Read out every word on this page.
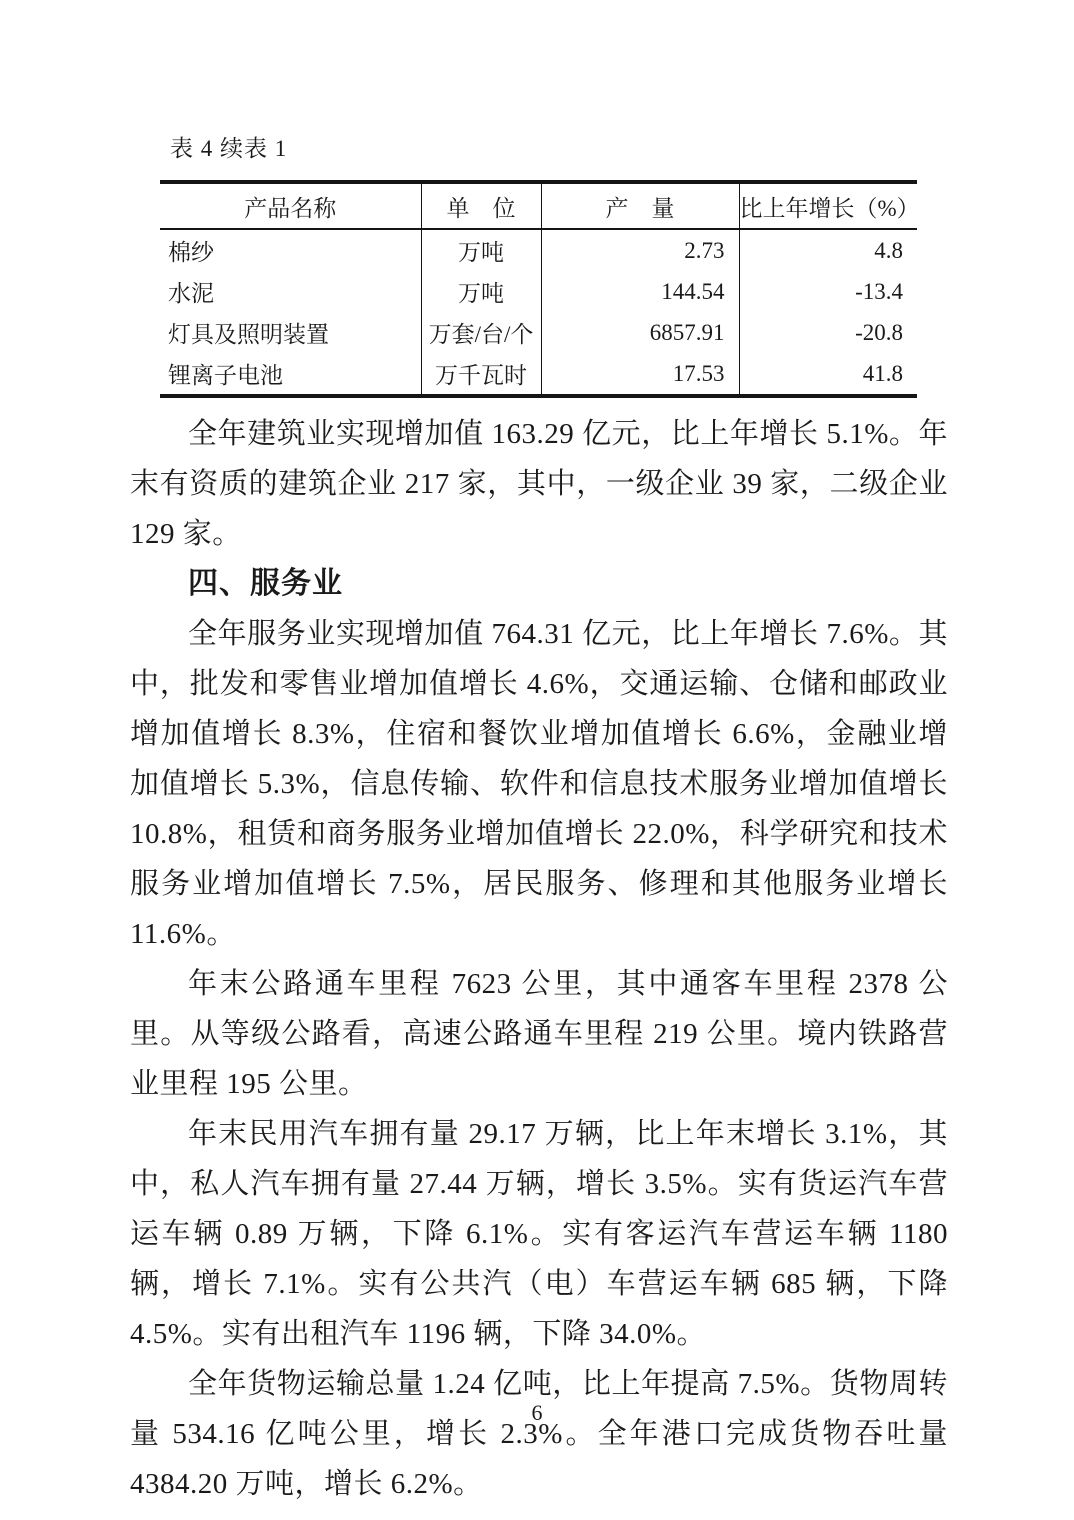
表 4 续表 1
产品名称	单　位	产　量	比上年增长（%）
棉纱	万吨	2.73	4.8
水泥	万吨	144.54	-13.4
灯具及照明装置	万套/台/个	6857.91	-20.8
锂离子电池	万千瓦时	17.53	41.8

全年建筑业实现增加值 163.29 亿元，比上年增长 5.1%。年末有资质的建筑企业 217 家，其中，一级企业 39 家，二级企业 129 家。

四、服务业

全年服务业实现增加值 764.31 亿元，比上年增长 7.6%。其中，批发和零售业增加值增长 4.6%，交通运输、仓储和邮政业增加值增长 8.3%，住宿和餐饮业增加值增长 6.6%，金融业增加值增长 5.3%，信息传输、软件和信息技术服务业增加值增长 10.8%，租赁和商务服务业增加值增长 22.0%，科学研究和技术服务业增加值增长 7.5%，居民服务、修理和其他服务业增长 11.6%。

年末公路通车里程 7623 公里，其中通客车里程 2378 公里。从等级公路看，高速公路通车里程 219 公里。境内铁路营业里程 195 公里。

年末民用汽车拥有量 29.17 万辆，比上年末增长 3.1%，其中，私人汽车拥有量 27.44 万辆，增长 3.5%。实有货运汽车营运车辆 0.89 万辆，下降 6.1%。实有客运汽车营运车辆 1180 辆，增长 7.1%。实有公共汽（电）车营运车辆 685 辆，下降 4.5%。实有出租汽车 1196 辆，下降 34.0%。

全年货物运输总量 1.24 亿吨，比上年提高 7.5%。货物周转量 534.16 亿吨公里，增长 2.3%。全年港口完成货物吞吐量 4384.20 万吨，增长 6.2%。

6
